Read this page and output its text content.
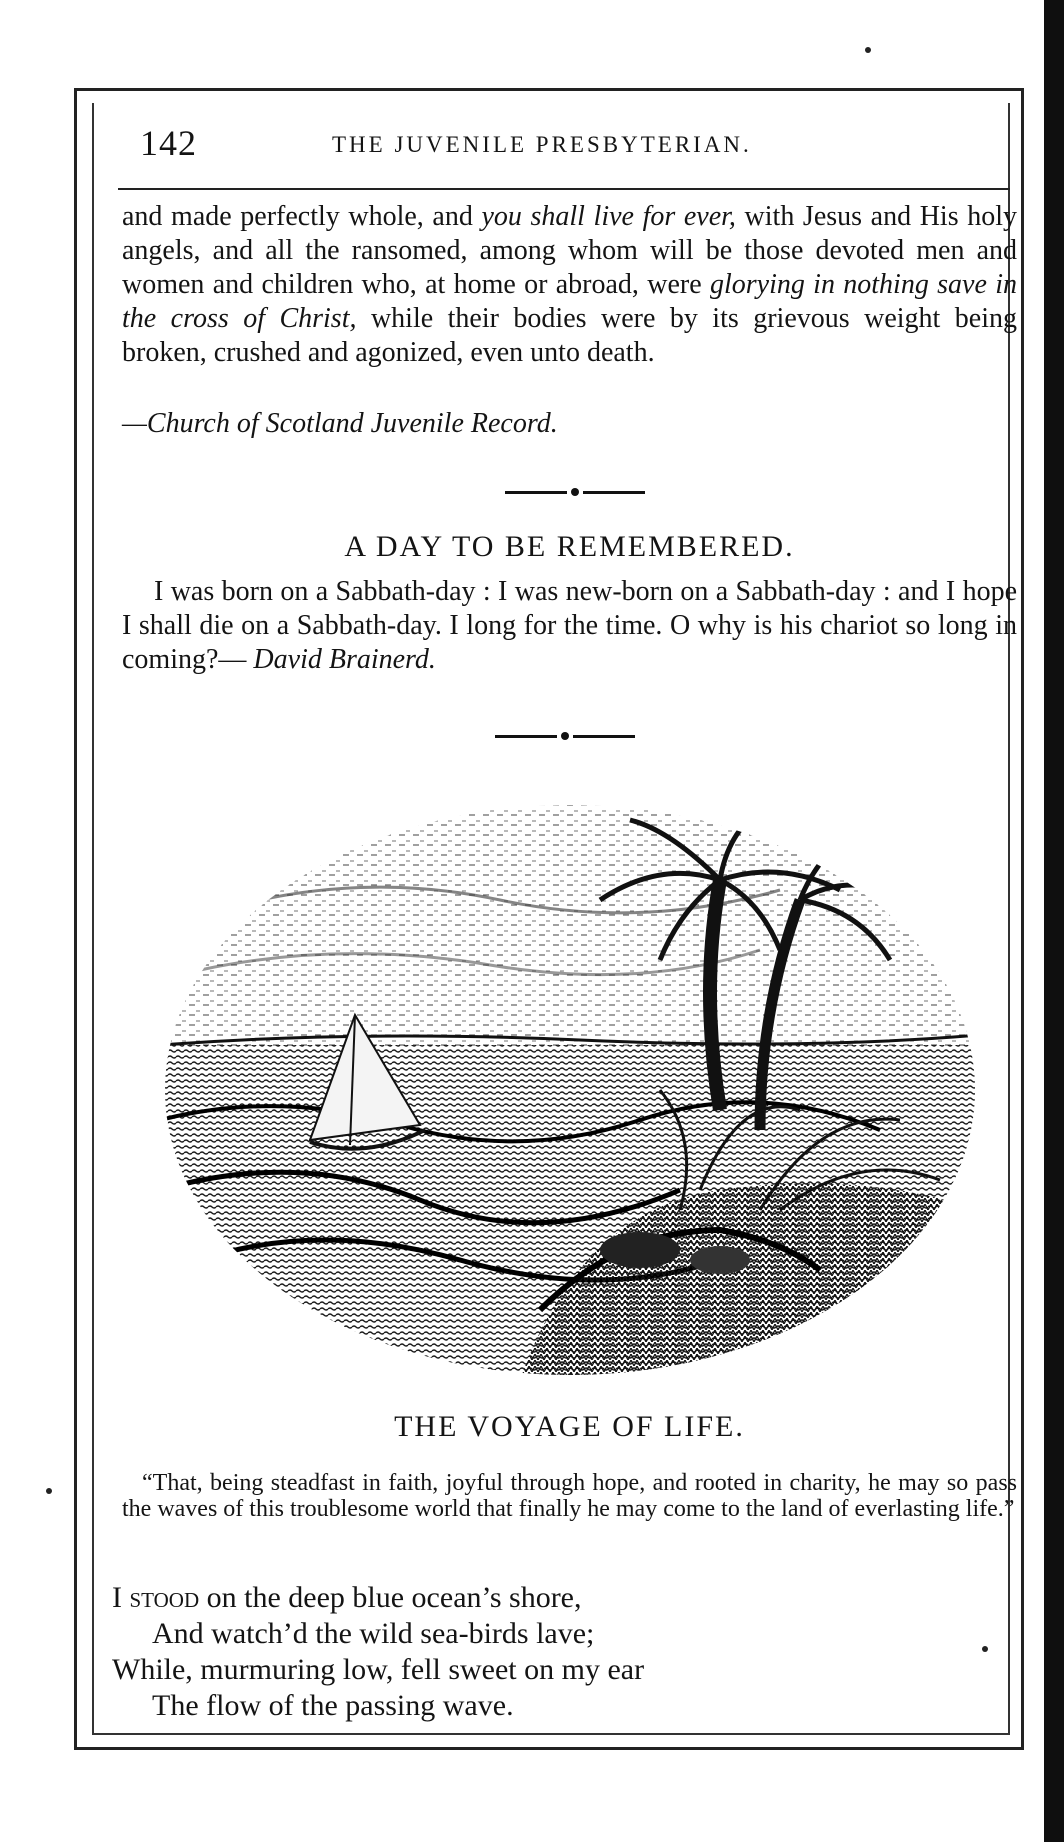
142	THE JUVENILE PRESBYTERIAN.
and made perfectly whole, and you shall live for ever, with Jesus and His holy angels, and all the ransomed, among whom will be those devoted men and women and children who, at home or abroad, were glorying in nothing save in the cross of Christ, while their bodies were by its grievous weight being broken, crushed and agonized, even unto death.
—Church of Scotland Juvenile Record.
A DAY TO BE REMEMBERED.
I was born on a Sabbath-day : I was new-born on a Sabbath-day : and I hope I shall die on a Sabbath-day. I long for the time. O why is his chariot so long in coming?— David Brainerd.
THE VOYAGE OF LIFE.
“That, being steadfast in faith, joyful through hope, and rooted in charity, he may so pass the waves of this troublesome world that finally he may come to the land of everlasting life.”
I stood on the deep blue ocean’s shore,
And watch’d the wild sea-birds lave;
While, murmuring low, fell sweet on my ear
The flow of the passing wave.
